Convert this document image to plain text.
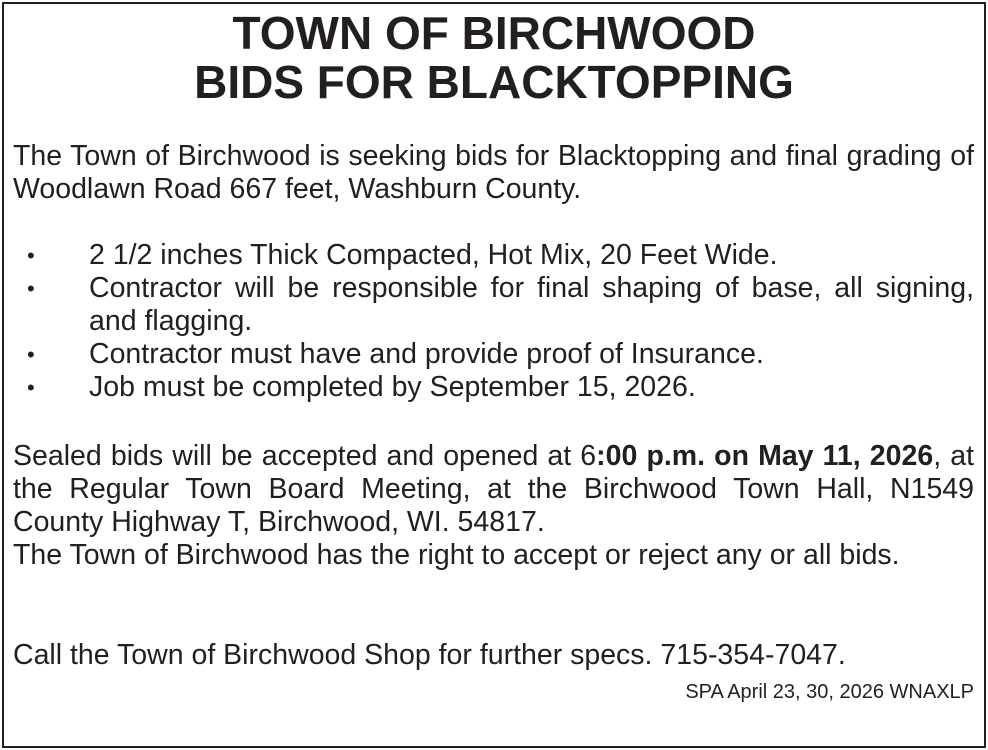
TOWN OF BIRCHWOOD
BIDS FOR BLACKTOPPING

The Town of Birchwood is seeking bids for Blacktopping and final grading of Woodlawn Road 667 feet, Washburn County.

• 2 1/2 inches Thick Compacted, Hot Mix, 20 Feet Wide.
• Contractor will be responsible for final shaping of base, all signing, and flagging.
• Contractor must have and provide proof of Insurance.
• Job must be completed by September 15, 2026.

Sealed bids will be accepted and opened at 6:00 p.m. on May 11, 2026, at the Regular Town Board Meeting, at the Birchwood Town Hall, N1549 County Highway T, Birchwood, WI. 54817.

The Town of Birchwood has the right to accept or reject any or all bids.

Call the Town of Birchwood Shop for further specs. 715-354-7047.

SPA April 23, 30, 2026 WNAXLP
